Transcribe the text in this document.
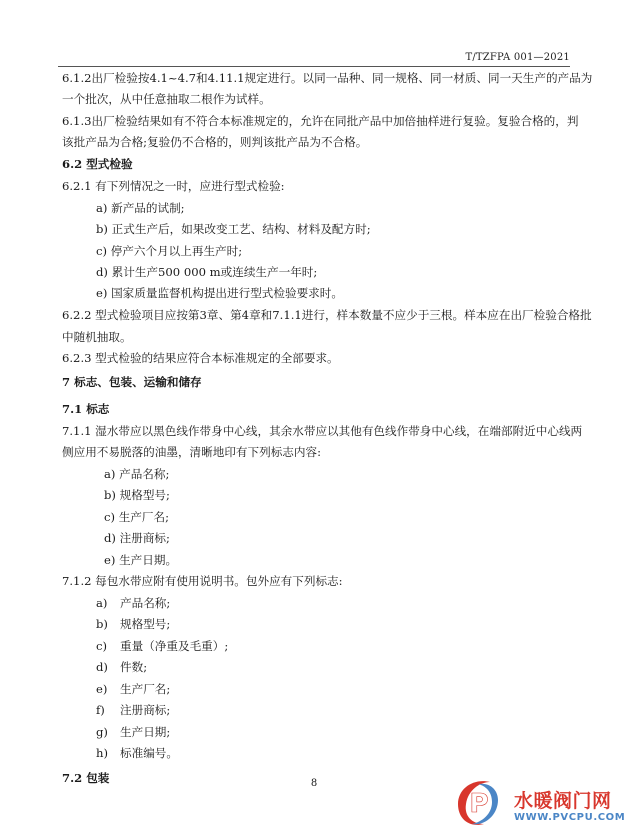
T/TZFPA 001—2021
6.1.2出厂检验按4.1~4.7和4.11.1规定进行。以同一品种、同一规格、同一材质、同一天生产的产品为
一个批次，从中任意抽取二根作为试样。
6.1.3出厂检验结果如有不符合本标准规定的，允许在同批产品中加倍抽样进行复验。复验合格的，判
该批产品为合格;复验仍不合格的，则判该批产品为不合格。
6.2 型式检验
6.2.1 有下列情况之一时，应进行型式检验:
a) 新产品的试制;
b) 正式生产后，如果改变工艺、结构、材料及配方时;
c) 停产六个月以上再生产时;
d) 累计生产500 000 m或连续生产一年时;
e) 国家质量监督机构提出进行型式检验要求时。
6.2.2 型式检验项目应按第3章、第4章和7.1.1进行，样本数量不应少于三根。样本应在出厂检验合格批
中随机抽取。
6.2.3 型式检验的结果应符合本标准规定的全部要求。
7 标志、包装、运输和储存
7.1 标志
7.1.1 湿水带应以黑色线作带身中心线，其余水带应以其他有色线作带身中心线，在端部附近中心线两
侧应用不易脱落的油墨，清晰地印有下列标志内容:
a) 产品名称;
b) 规格型号;
c) 生产厂名;
d) 注册商标;
e) 生产日期。
7.1.2 每包水带应附有使用说明书。包外应有下列标志:
a) 产品名称;
b) 规格型号;
c) 重量（净重及毛重）;
d) 件数;
e) 生产厂名;
f) 注册商标;
g) 生产日期;
h) 标准编号。
7.2 包装	8
P 水暖阀门网
WWW.PVCPU.COM
